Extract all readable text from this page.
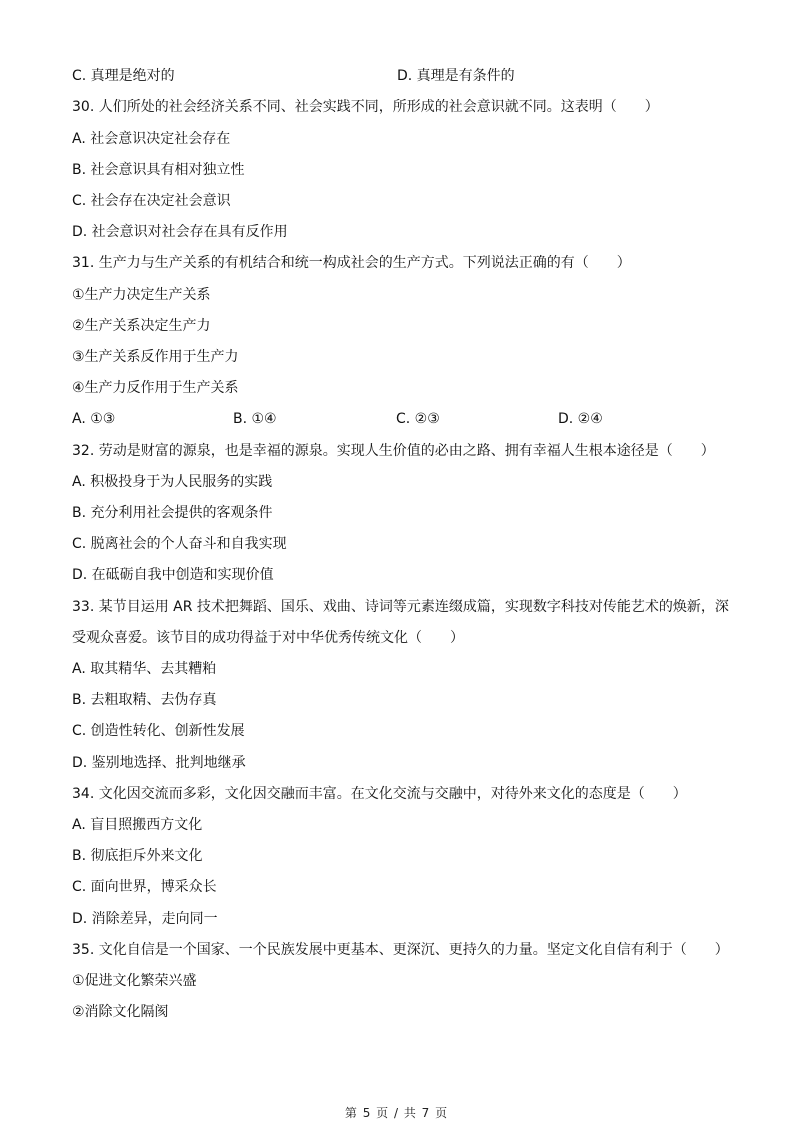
C. 真理是绝对的	D. 真理是有条件的
30. 人们所处的社会经济关系不同、社会实践不同，所形成的社会意识就不同。这表明（　　）
A. 社会意识决定社会存在
B. 社会意识具有相对独立性
C. 社会存在决定社会意识
D. 社会意识对社会存在具有反作用
31. 生产力与生产关系的有机结合和统一构成社会的生产方式。下列说法正确的有（　　）
①生产力决定生产关系
②生产关系决定生产力
③生产关系反作用于生产力
④生产力反作用于生产关系
A. ①③	B. ①④	C. ②③	D. ②④
32. 劳动是财富的源泉，也是幸福的源泉。实现人生价值的必由之路、拥有幸福人生根本途径是（　　）
A. 积极投身于为人民服务的实践
B. 充分利用社会提供的客观条件
C. 脱离社会的个人奋斗和自我实现
D. 在砥砺自我中创造和实现价值
33. 某节目运用 AR 技术把舞蹈、国乐、戏曲、诗词等元素连缀成篇，实现数字科技对传能艺术的焕新，深
受观众喜爱。该节目的成功得益于对中华优秀传统文化（　　）
A. 取其精华、去其糟粕
B. 去粗取精、去伪存真
C. 创造性转化、创新性发展
D. 鉴别地选择、批判地继承
34. 文化因交流而多彩，文化因交融而丰富。在文化交流与交融中，对待外来文化的态度是（　　）
A. 盲目照搬西方文化
B. 彻底拒斥外来文化
C. 面向世界，博采众长
D. 消除差异，走向同一
35. 文化自信是一个国家、一个民族发展中更基本、更深沉、更持久的力量。坚定文化自信有利于（　　）
①促进文化繁荣兴盛
②消除文化隔阂
第 5 页 / 共 7 页
